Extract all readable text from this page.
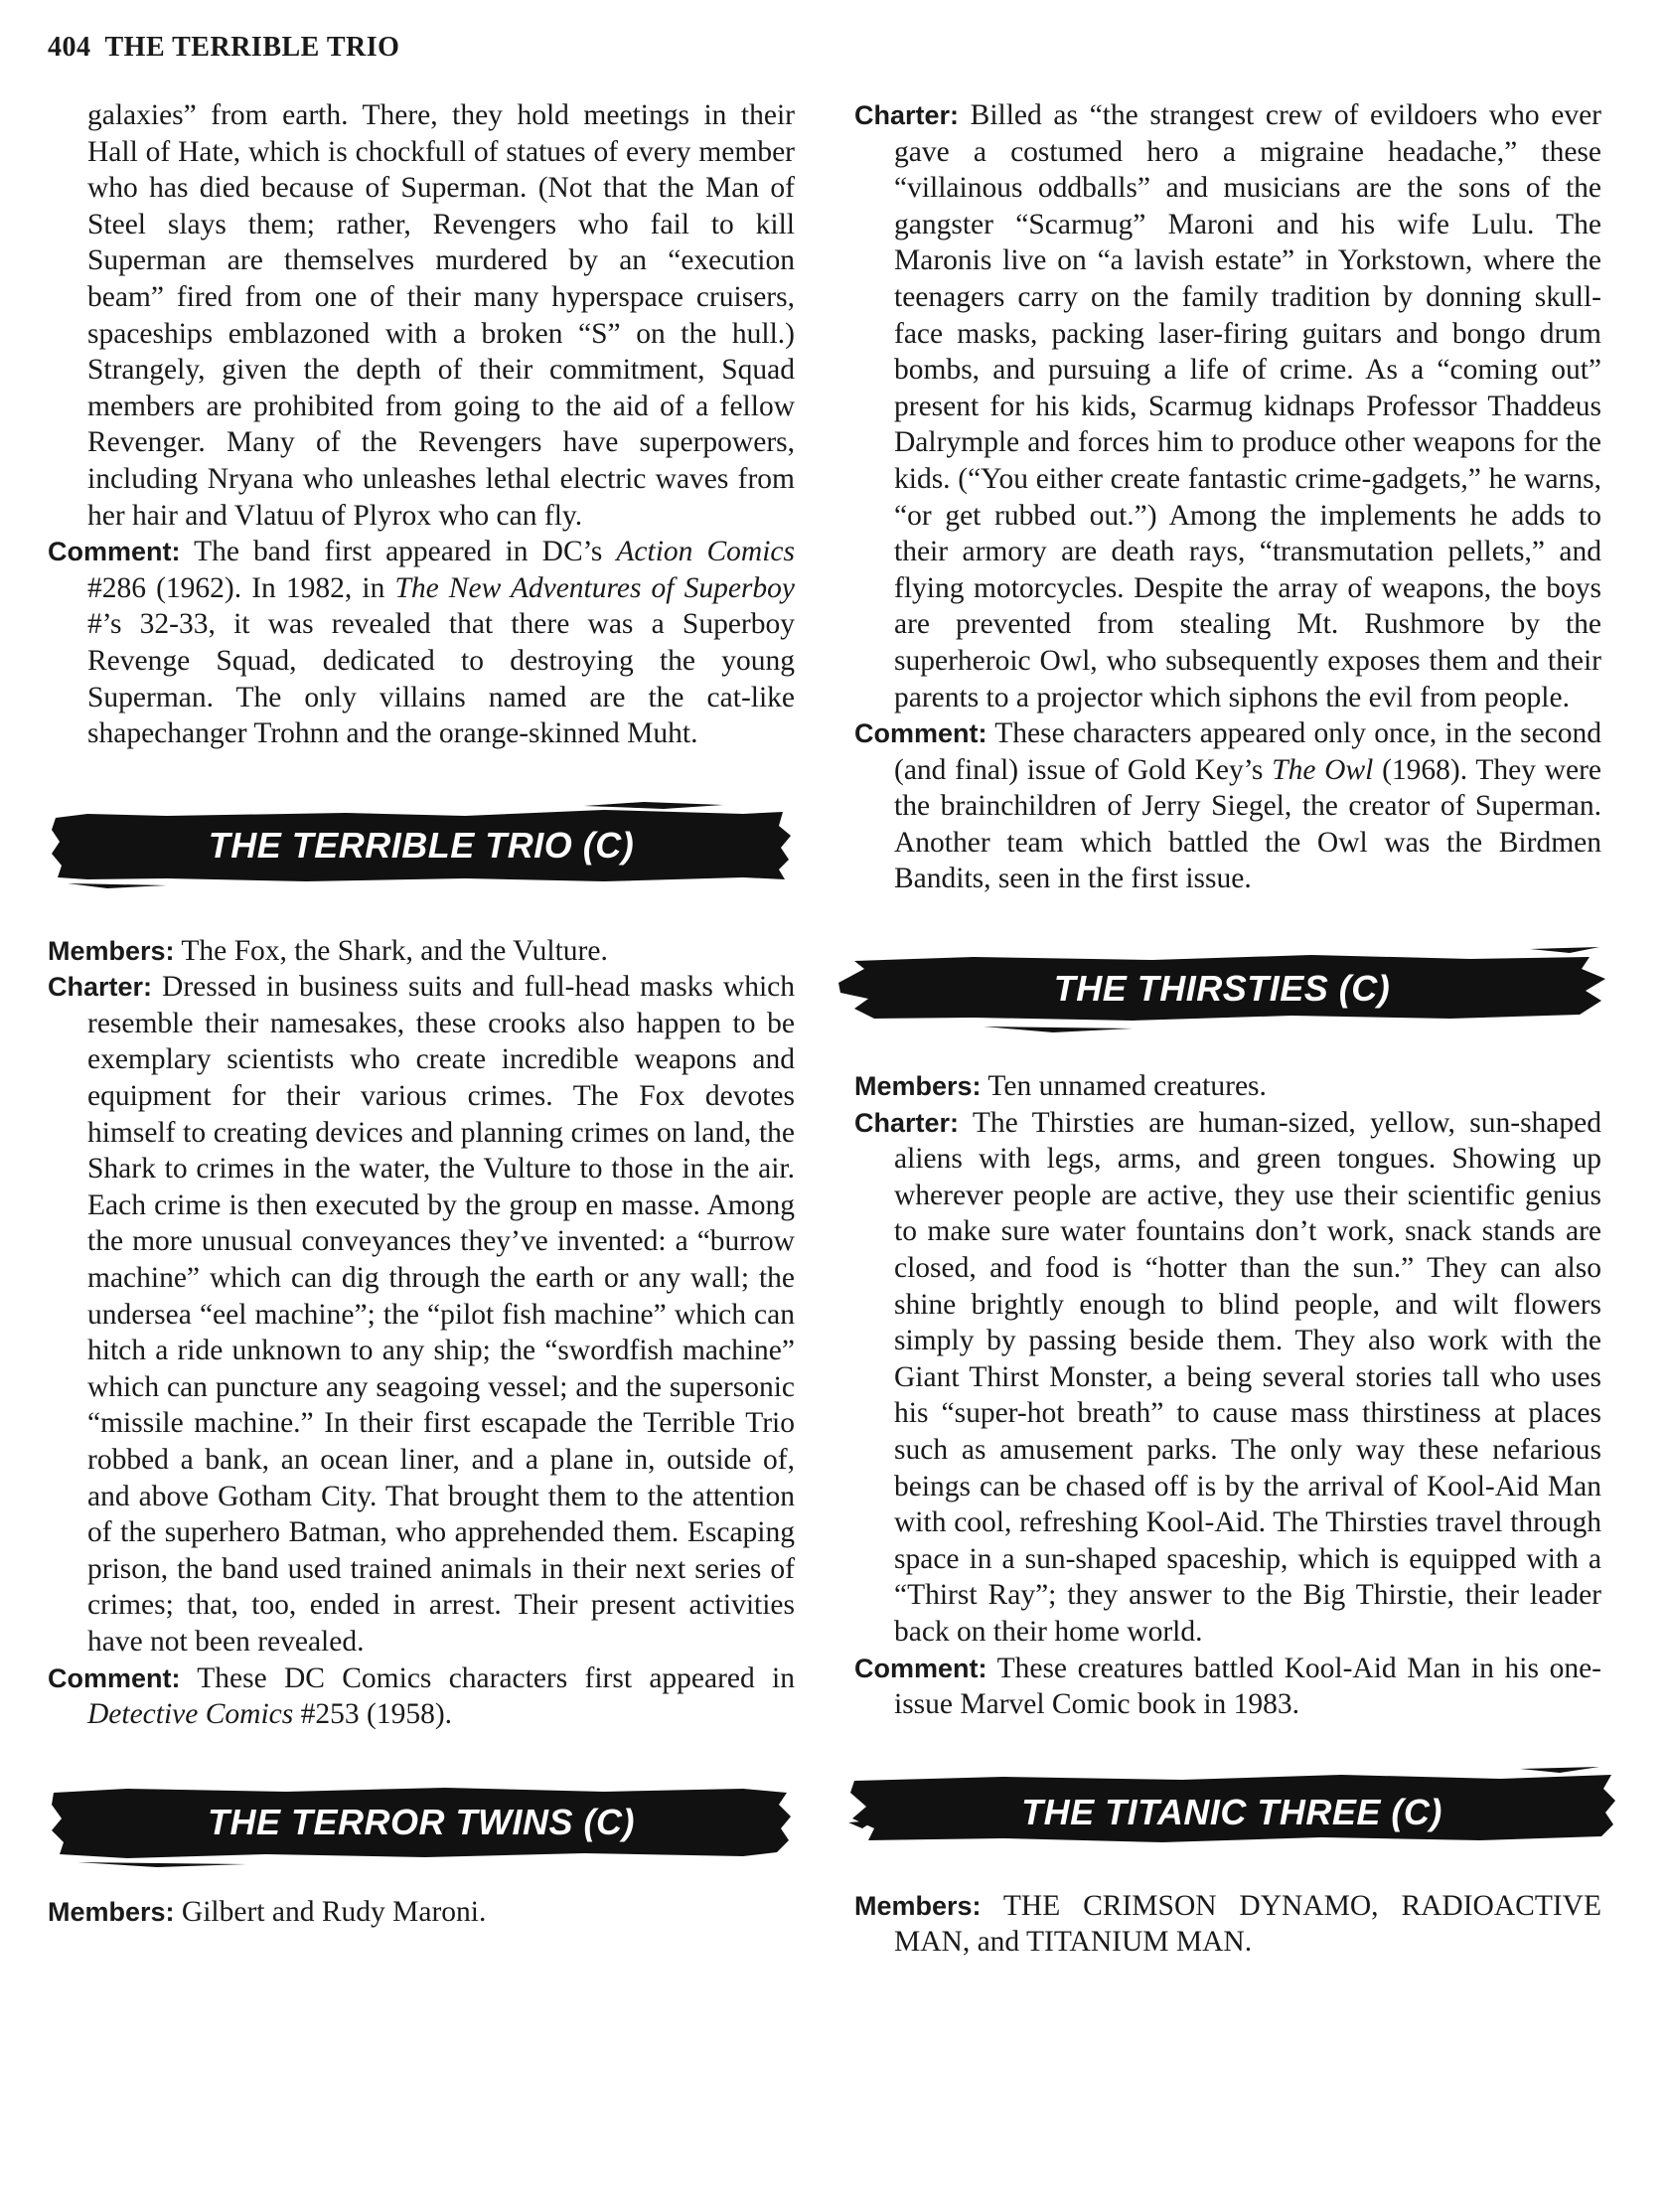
404 THE TERRIBLE TRIO

galaxies” from earth. There, they hold meetings in their Hall of Hate, which is chockfull of statues of every member who has died because of Superman. (Not that the Man of Steel slays them; rather, Revengers who fail to kill Superman are themselves murdered by an “execution beam” fired from one of their many hyperspace cruisers, spaceships emblazoned with a broken “S” on the hull.) Strangely, given the depth of their commitment, Squad members are prohibited from going to the aid of a fellow Revenger. Many of the Revengers have superpowers, including Nryana who unleashes lethal electric waves from her hair and Vlatuu of Plyrox who can fly.

Comment: The band first appeared in DC’s Action Comics #286 (1962). In 1982, in The New Adventures of Superboy #’s 32-33, it was revealed that there was a Superboy Revenge Squad, dedicated to destroying the young Superman. The only villains named are the cat-like shapechanger Trohnn and the orange-skinned Muht.

THE TERRIBLE TRIO (C)

Members: The Fox, the Shark, and the Vulture.

Charter: Dressed in business suits and full-head masks which resemble their namesakes, these crooks also happen to be exemplary scientists who create incredible weapons and equipment for their various crimes. The Fox devotes himself to creating devices and planning crimes on land, the Shark to crimes in the water, the Vulture to those in the air. Each crime is then executed by the group en masse. Among the more unusual conveyances they’ve invented: a “burrow machine” which can dig through the earth or any wall; the undersea “eel machine”; the “pilot fish machine” which can hitch a ride unknown to any ship; the “swordfish machine” which can puncture any seagoing vessel; and the supersonic “missile machine.” In their first escapade the Terrible Trio robbed a bank, an ocean liner, and a plane in, outside of, and above Gotham City. That brought them to the attention of the superhero Batman, who apprehended them. Escaping prison, the band used trained animals in their next series of crimes; that, too, ended in arrest. Their present activities have not been revealed.

Comment: These DC Comics characters first appeared in Detective Comics #253 (1958).

THE TERROR TWINS (C)

Members: Gilbert and Rudy Maroni.

Charter: Billed as “the strangest crew of evildoers who ever gave a costumed hero a migraine headache,” these “villainous oddballs” and musicians are the sons of the gangster “Scarmug” Maroni and his wife Lulu. The Maronis live on “a lavish estate” in Yorkstown, where the teenagers carry on the family tradition by donning skull-face masks, packing laser-firing guitars and bongo drum bombs, and pursuing a life of crime. As a “coming out” present for his kids, Scarmug kidnaps Professor Thaddeus Dalrymple and forces him to produce other weapons for the kids. (“You either create fantastic crime-gadgets,” he warns, “or get rubbed out.”) Among the implements he adds to their armory are death rays, “transmutation pellets,” and flying motorcycles. Despite the array of weapons, the boys are prevented from stealing Mt. Rushmore by the superheroic Owl, who subsequently exposes them and their parents to a projector which siphons the evil from people.

Comment: These characters appeared only once, in the second (and final) issue of Gold Key’s The Owl (1968). They were the brainchildren of Jerry Siegel, the creator of Superman. Another team which battled the Owl was the Birdmen Bandits, seen in the first issue.

THE THIRSTIES (C)

Members: Ten unnamed creatures.

Charter: The Thirsties are human-sized, yellow, sun-shaped aliens with legs, arms, and green tongues. Showing up wherever people are active, they use their scientific genius to make sure water fountains don’t work, snack stands are closed, and food is “hotter than the sun.” They can also shine brightly enough to blind people, and wilt flowers simply by passing beside them. They also work with the Giant Thirst Monster, a being several stories tall who uses his “super-hot breath” to cause mass thirstiness at places such as amusement parks. The only way these nefarious beings can be chased off is by the arrival of Kool-Aid Man with cool, refreshing Kool-Aid. The Thirsties travel through space in a sun-shaped spaceship, which is equipped with a “Thirst Ray”; they answer to the Big Thirstie, their leader back on their home world.

Comment: These creatures battled Kool-Aid Man in his one-issue Marvel Comic book in 1983.

THE TITANIC THREE (C)

Members: THE CRIMSON DYNAMO, RADIOACTIVE MAN, and TITANIUM MAN.
